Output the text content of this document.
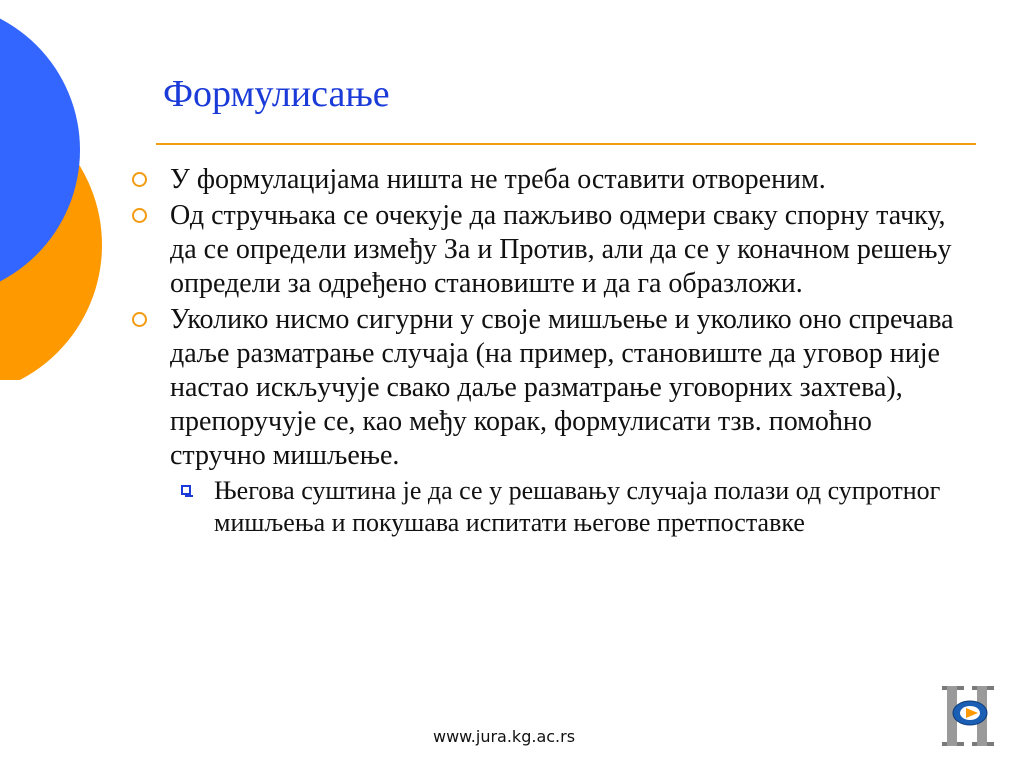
Формулисање
У формулацијама ништа не треба оставити отвореним.
Од стручњака се очекује да пажљиво одмери сваку спорну тачку, да се определи између За и Против, али да се у коначном решењу определи за одређено становиште и да га образложи.
Уколико нисмо сигурни у своје мишљење и уколико оно спречава даље разматрање случаја (на пример, становиште да уговор није настао искључује свако даље разматрање уговорних захтева), препоручује се, као међу корак, формулисати тзв. помоћно стручно мишљење.
Његова суштина је да се у решавању случаја полази од супротног мишљења и покушава испитати његове претпоставке
www.jura.kg.ac.rs
